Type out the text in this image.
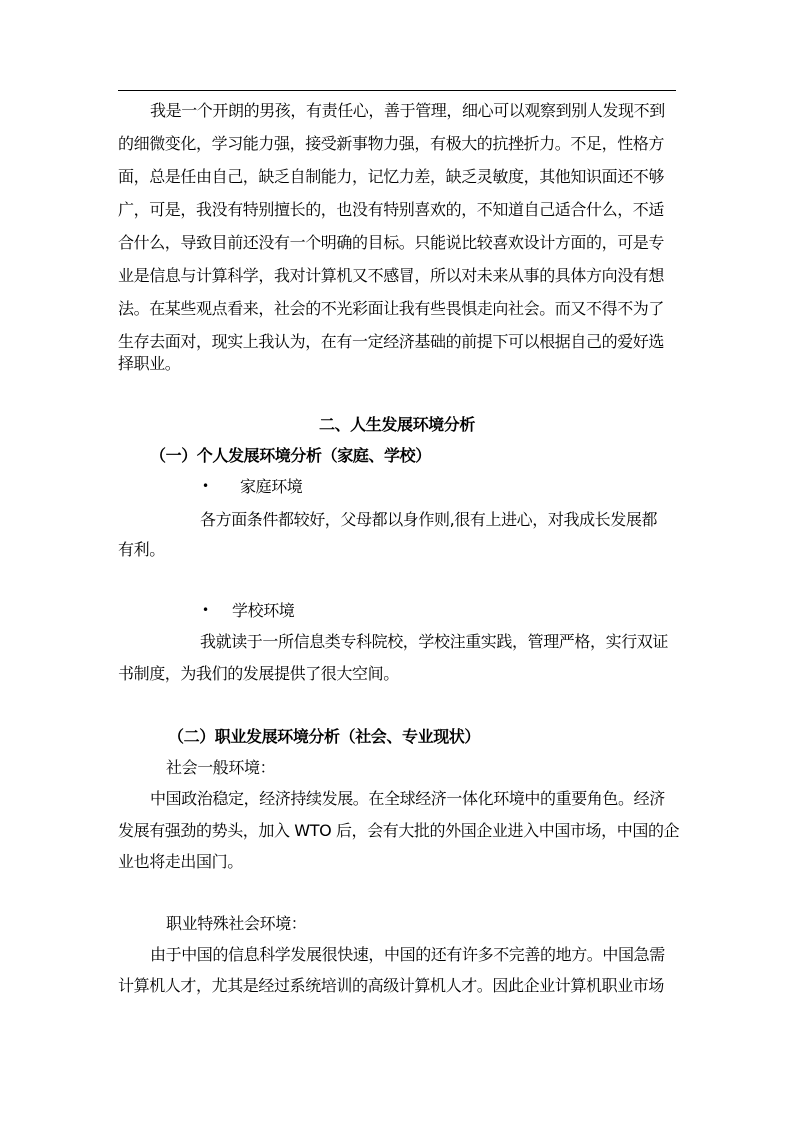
我是一个开朗的男孩，有责任心，善于管理，细心可以观察到别人发现不到
的细微变化，学习能力强，接受新事物力强，有极大的抗挫折力。不足，性格方
面，总是任由自己，缺乏自制能力，记忆力差，缺乏灵敏度，其他知识面还不够
广，可是，我没有特别擅长的，也没有特别喜欢的，不知道自己适合什么，不适
合什么，导致目前还没有一个明确的目标。只能说比较喜欢设计方面的，可是专
业是信息与计算科学，我对计算机又不感冒，所以对未来从事的具体方向没有想
法。在某些观点看来，社会的不光彩面让我有些畏惧走向社会。而又不得不为了
生存去面对，现实上我认为，在有一定经济基础的前提下可以根据自己的爱好选
择职业。
二、人生发展环境分析
（一）个人发展环境分析（家庭、学校）
• 家庭环境
各方面条件都较好，父母都以身作则,很有上进心，对我成长发展都
有利。
• 学校环境
我就读于一所信息类专科院校，学校注重实践，管理严格，实行双证
书制度，为我们的发展提供了很大空间。
（二）职业发展环境分析（社会、专业现状）
社会一般环境：
中国政治稳定，经济持续发展。在全球经济一体化环境中的重要角色。经济
发展有强劲的势头，加入 WTO 后，会有大批的外国企业进入中国市场，中国的企
业也将走出国门。
职业特殊社会环境：
由于中国的信息科学发展很快速，中国的还有许多不完善的地方。中国急需
计算机人才，尤其是经过系统培训的高级计算机人才。因此企业计算机职业市场
